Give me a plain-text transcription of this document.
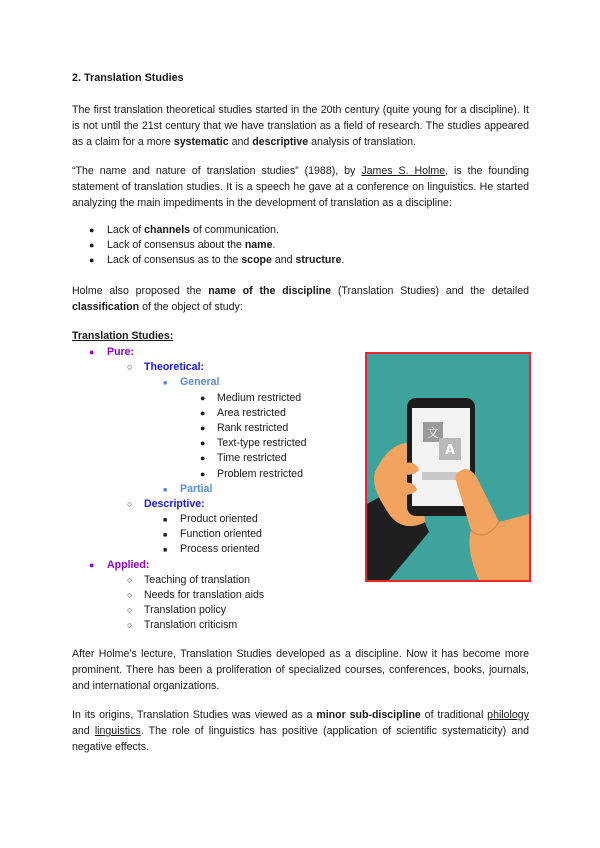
2. Translation Studies

The first translation theoretical studies started in the 20th century (quite young for a discipline). It is not until the 21st century that we have translation as a field of research. The studies appeared as a claim for a more systematic and descriptive analysis of translation.

“The name and nature of translation studies” (1988), by James S. Holme, is the founding statement of translation studies. It is a speech he gave at a conference on linguistics. He started analyzing the main impediments in the development of translation as a discipline:

● Lack of channels of communication.
● Lack of consensus about the name.
● Lack of consensus as to the scope and structure.

Holme also proposed the name of the discipline (Translation Studies) and the detailed classification of the object of study:

Translation Studies:
● Pure:
○ Theoretical:
■ General
● Medium restricted
● Area restricted
● Rank restricted
● Text-type restricted
● Time restricted
● Problem restricted
■ Partial
○ Descriptive:
■ Product oriented
■ Function oriented
■ Process oriented
● Applied:
○ Teaching of translation
○ Needs for translation aids
○ Translation policy
○ Translation criticism

After Holme’s lecture, Translation Studies developed as a discipline. Now it has become more prominent. There has been a proliferation of specialized courses, conferences, books, journals, and international organizations.

In its origins, Translation Studies was viewed as a minor sub-discipline of traditional philology and linguistics. The role of linguistics has positive (application of scientific systematicity) and negative effects.

文
A
